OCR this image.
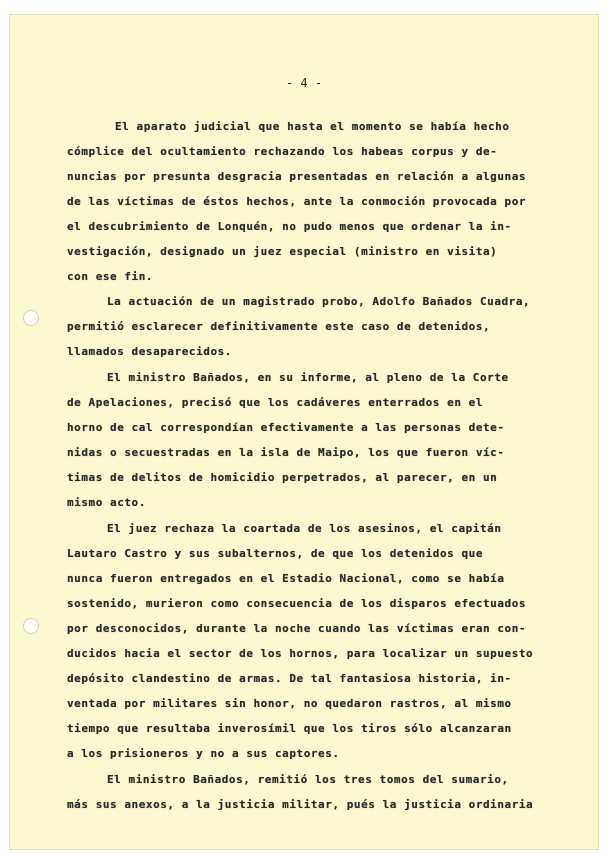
- 4 -
El aparato judicial que hasta el momento se había hecho
cómplice del ocultamiento rechazando los habeas corpus y de-
nuncias por presunta desgracia presentadas en relación a algunas
de las víctimas de éstos hechos, ante la conmoción provocada por
el descubrimiento de Lonquén, no pudo menos que ordenar la in-
vestigación, designado un juez especial (ministro en visita)
con ese fin.
La actuación de un magistrado probo, Adolfo Bañados Cuadra,
permitió esclarecer definitivamente este caso de detenidos,
llamados desaparecidos.
El ministro Bañados, en su informe, al pleno de la Corte
de Apelaciones, precisó que los cadáveres enterrados en el
horno de cal correspondían efectivamente a las personas dete-
nidas o secuestradas en la isla de Maipo, los que fueron víc-
timas de delitos de homicidio perpetrados, al parecer, en un
mismo acto.
El juez rechaza la coartada de los asesinos, el capitán
Lautaro Castro y sus subalternos, de que los detenidos que
nunca fueron entregados en el Estadio Nacional, como se había
sostenido, murieron como consecuencia de los disparos efectuados
por desconocidos, durante la noche cuando las víctimas eran con-
ducidos hacia el sector de los hornos, para localizar un supuesto
depósito clandestino de armas. De tal fantasiosa historia, in-
ventada por militares sin honor, no quedaron rastros, al mismo
tiempo que resultaba inverosímil que los tiros sólo alcanzaran
a los prisioneros y no a sus captores.
El ministro Bañados, remitió los tres tomos del sumario,
más sus anexos, a la justicia militar, pués la justicia ordinaria
